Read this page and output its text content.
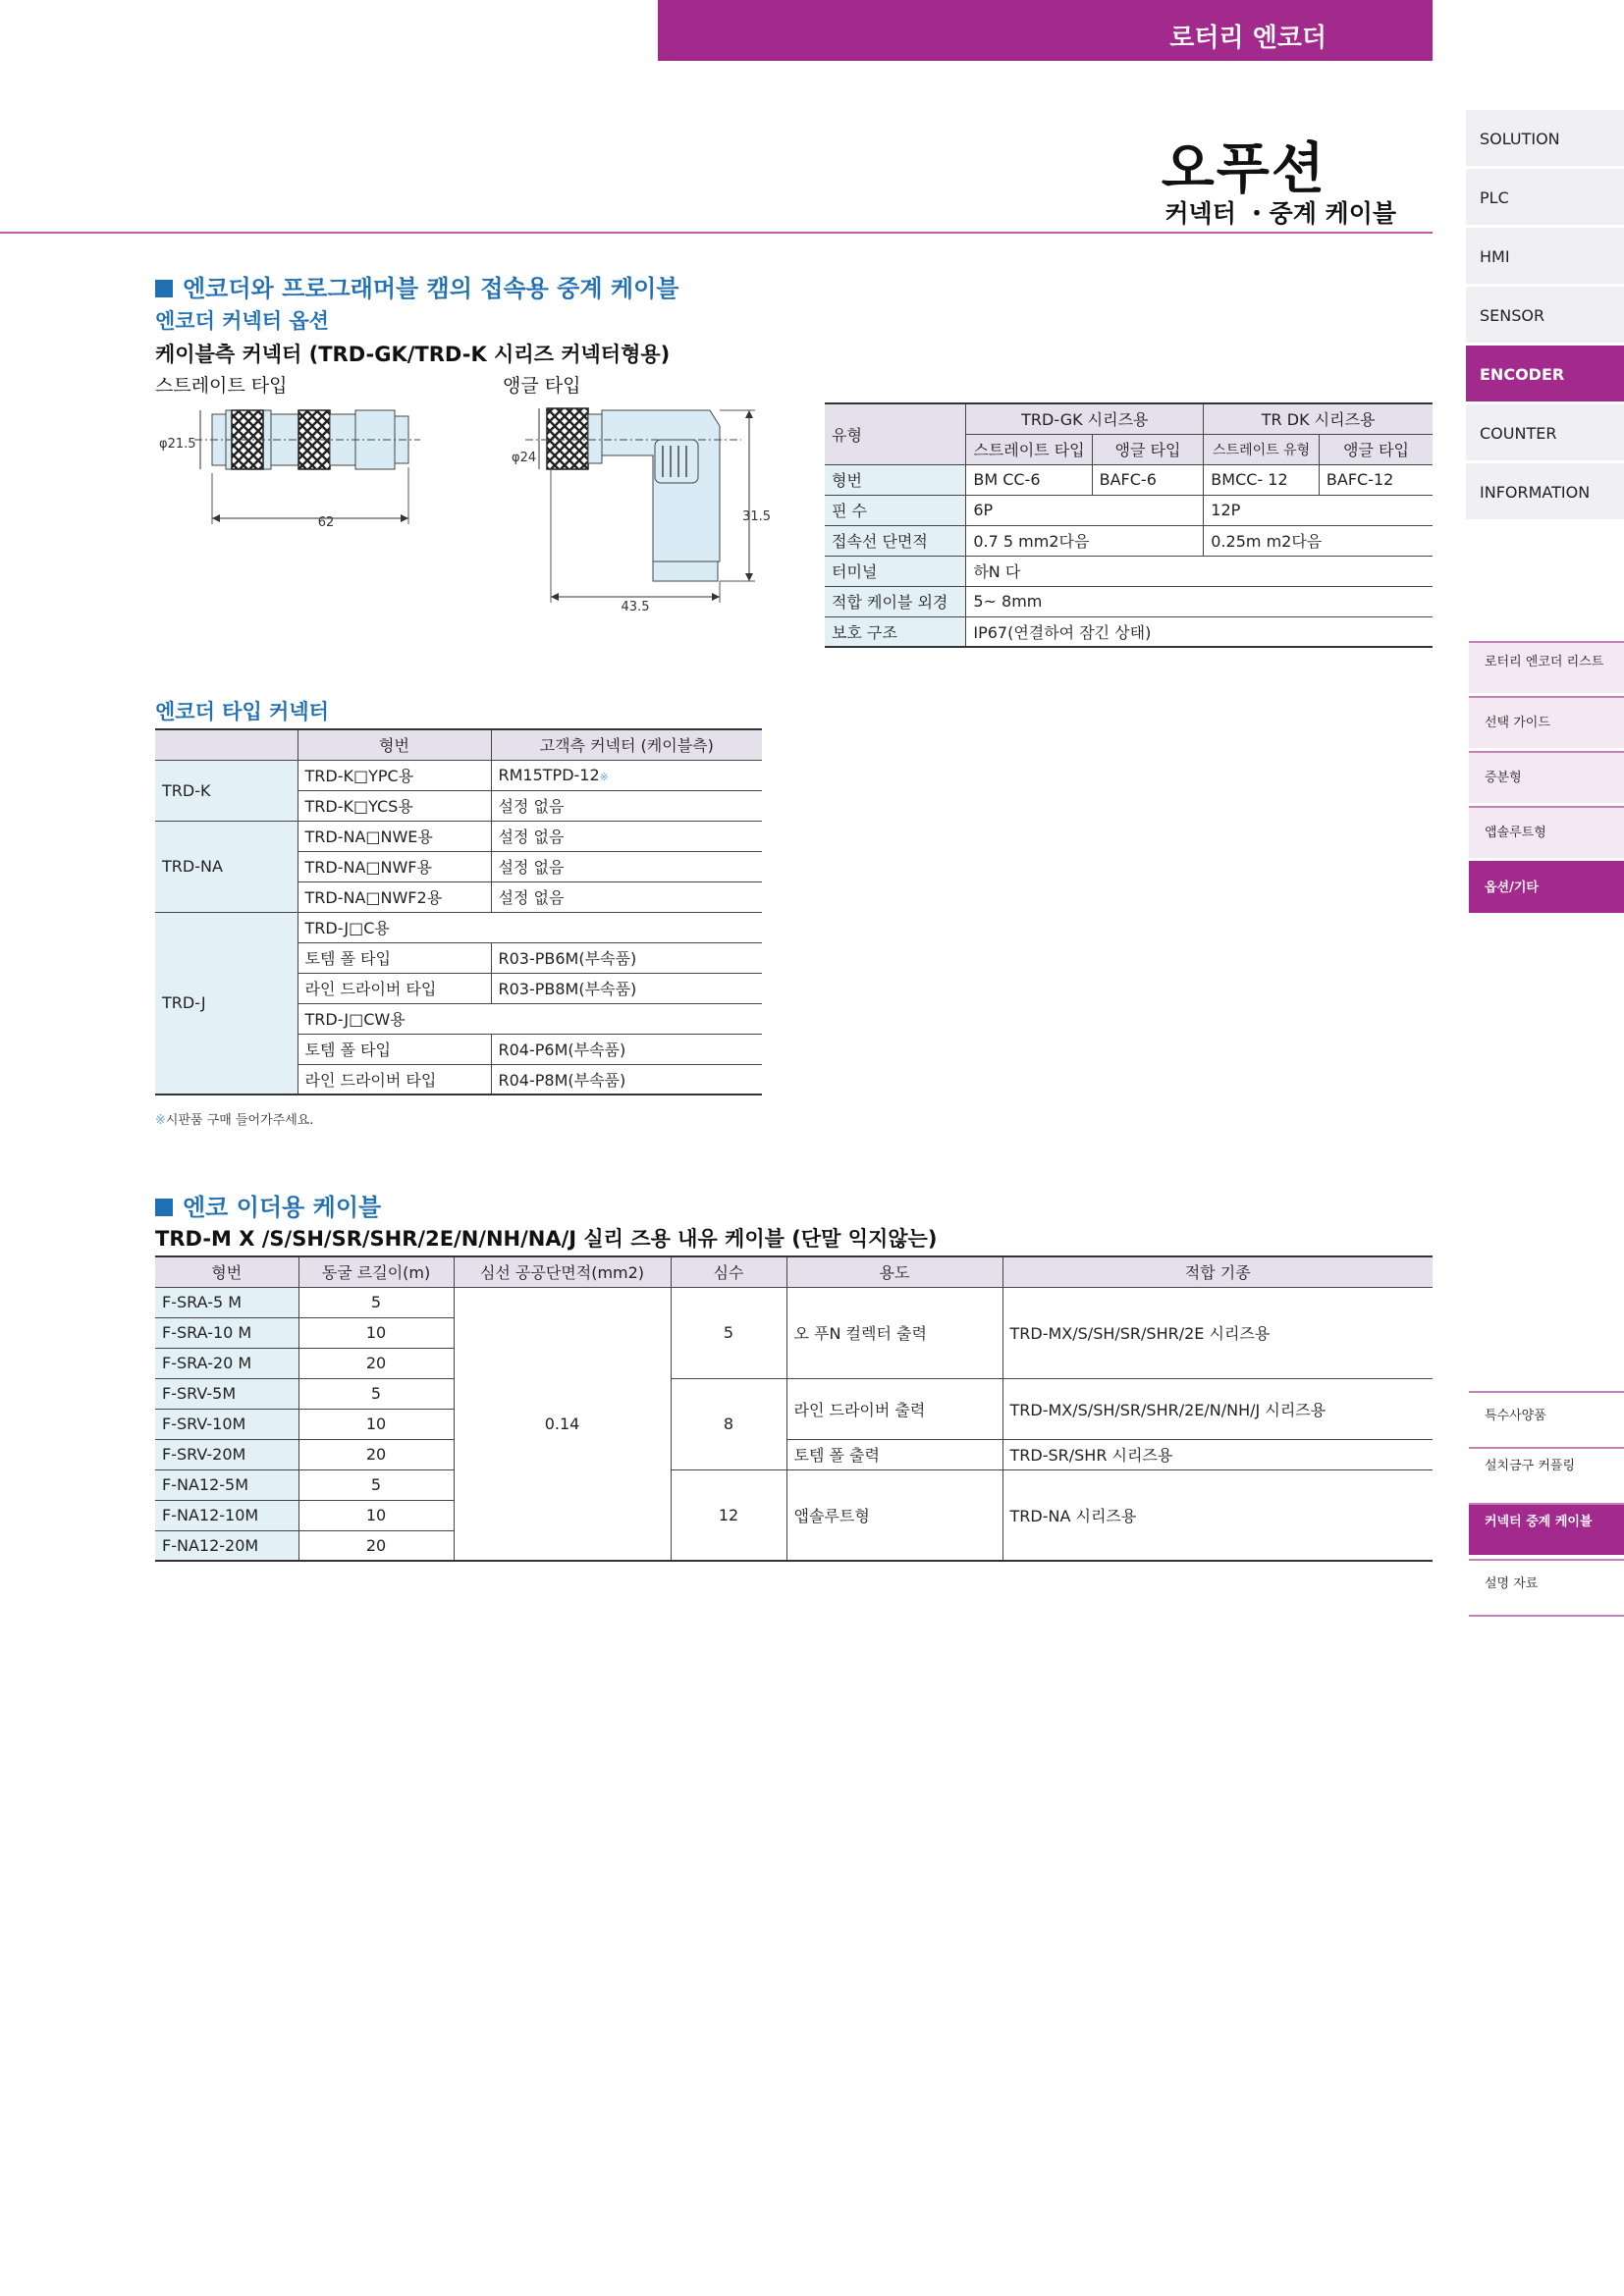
로터리 엔코더
오푸션
커넥터 ・중계 케이블
SOLUTION
PLC
HMI
SENSOR
ENCODER
COUNTER
INFORMATION
로터리 엔코더 리스트
선택 가이드
증분형
앱솔루트형
옵션/기타
특수사양품
설치금구 커플링
커넥터 중계 케이블
설명 자료
엔코더와 프로그래머블 캠의 접속용 중계 케이블
엔코더 커넥터 옵션
케이블측 커넥터 (TRD-GK/TRD-K 시리즈 커넥터형용)
스트레이트 타입	앵글 타입
62
φ21.5
φ24
31.5
43.5
유형	TRD-GK 시리즈용		TR DK 시리즈용	
	스트레이트 타입	앵글 타입	스트레이트 유형	앵글 타입
형번	BM CC-6	BAFC-6	BMCC- 12	BAFC-12
핀 수	6P		12P	
접속선 단면적	0.7 5 mm2다음		0.25m m2다음	
터미널	하N 다			
적합 케이블 외경	5~ 8mm			
보호 구조	IP67(연결하여 잠긴 상태)			
엔코더 타입 커넥터
	형번	고객측 커넥터 (케이블측)
TRD-K	TRD-K□YPC용	RM15TPD-12※
	TRD-K□YCS용	설정 없음
TRD-NA	TRD-NA□NWE용	설정 없음
	TRD-NA□NWF용	설정 없음
	TRD-NA□NWF2용	설정 없음
TRD-J	TRD-J□C용	
	토템 폴 타입	R03-PB6M(부속품)
	라인 드라이버 타입	R03-PB8M(부속품)
	TRD-J□CW용	
	토템 폴 타입	R04-P6M(부속품)
	라인 드라이버 타입	R04-P8M(부속품)
※시판품 구매 들어가주세요.
엔코 이더용 케이블
TRD-M X /S/SH/SR/SHR/2E/N/NH/NA/J 실리 즈용 내유 케이블 (단말 익지않는)
형번	동굴 르길이(m)	심선 공공단면적(mm2)	심수	용도	적합 기종
F-SRA-5 M	5	0.14	5	오 푸N 컬렉터 출력	TRD-MX/S/SH/SR/SHR/2E 시리즈용
F-SRA-10 M	10				
F-SRA-20 M	20				
F-SRV-5M	5		8	라인 드라이버 출력	TRD-MX/S/SH/SR/SHR/2E/N/NH/J 시리즈용
F-SRV-10M	10				
F-SRV-20M	20			토템 폴 출력	TRD-SR/SHR 시리즈용
F-NA12-5M	5		12	앱솔루트형	TRD-NA 시리즈용
F-NA12-10M	10				
F-NA12-20M	20				
